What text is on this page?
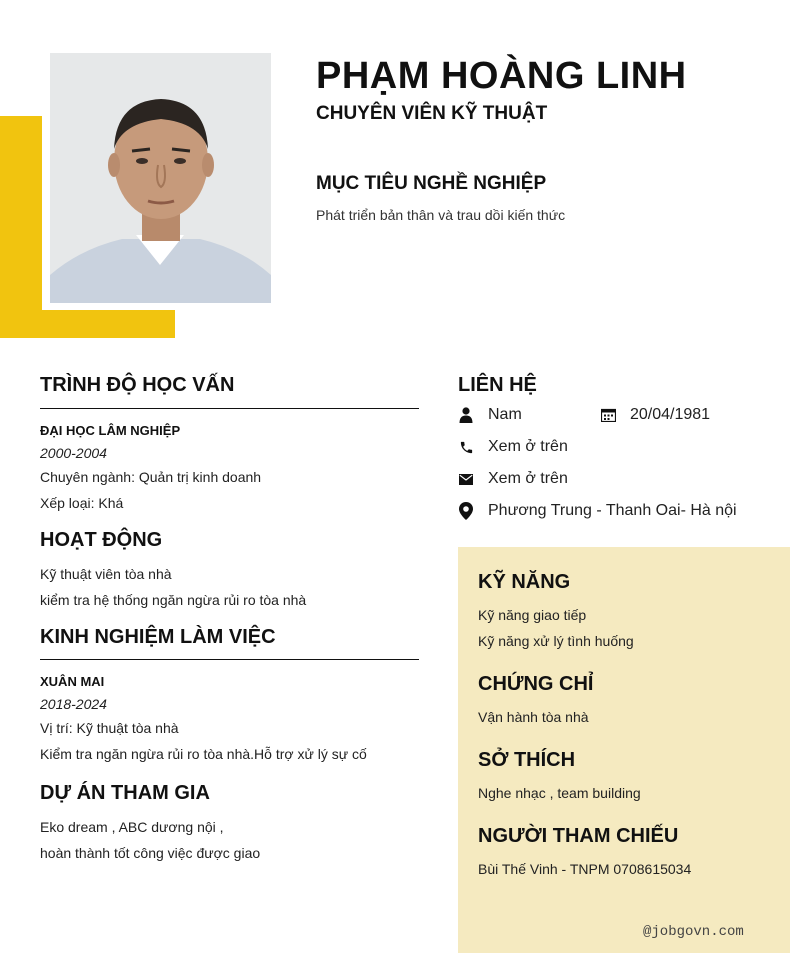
PHẠM HOÀNG LINH
CHUYÊN VIÊN KỸ THUẬT
MỤC TIÊU NGHỀ NGHIỆP
Phát triển bản thân và trau dồi kiến thức
TRÌNH ĐỘ HỌC VẤN
ĐẠI HỌC LÂM NGHIỆP
2000-2004
Chuyên ngành: Quản trị kinh doanh
Xếp loại: Khá
HOẠT ĐỘNG
Kỹ thuật viên tòa nhà
kiểm tra hệ thống ngăn ngừa rủi ro tòa nhà
KINH NGHIỆM LÀM VIỆC
XUÂN MAI
2018-2024
Vị trí: Kỹ thuật tòa nhà
Kiểm tra ngăn ngừa rủi ro tòa nhà.Hỗ trợ xử lý sự cố
DỰ ÁN THAM GIA
Eko dream , ABC dương nội ,
hoàn thành tốt công việc được giao
LIÊN HỆ
Nam	20/04/1981
Xem ở trên
Xem ở trên
Phương Trung - Thanh Oai- Hà nội
KỸ NĂNG
Kỹ năng giao tiếp
Kỹ năng xử lý tình huống
CHỨNG CHỈ
Vận hành tòa nhà
SỞ THÍCH
Nghe nhạc , team building
NGƯỜI THAM CHIẾU
Bùi Thế Vinh - TNPM 0708615034
@jobgovn.com
